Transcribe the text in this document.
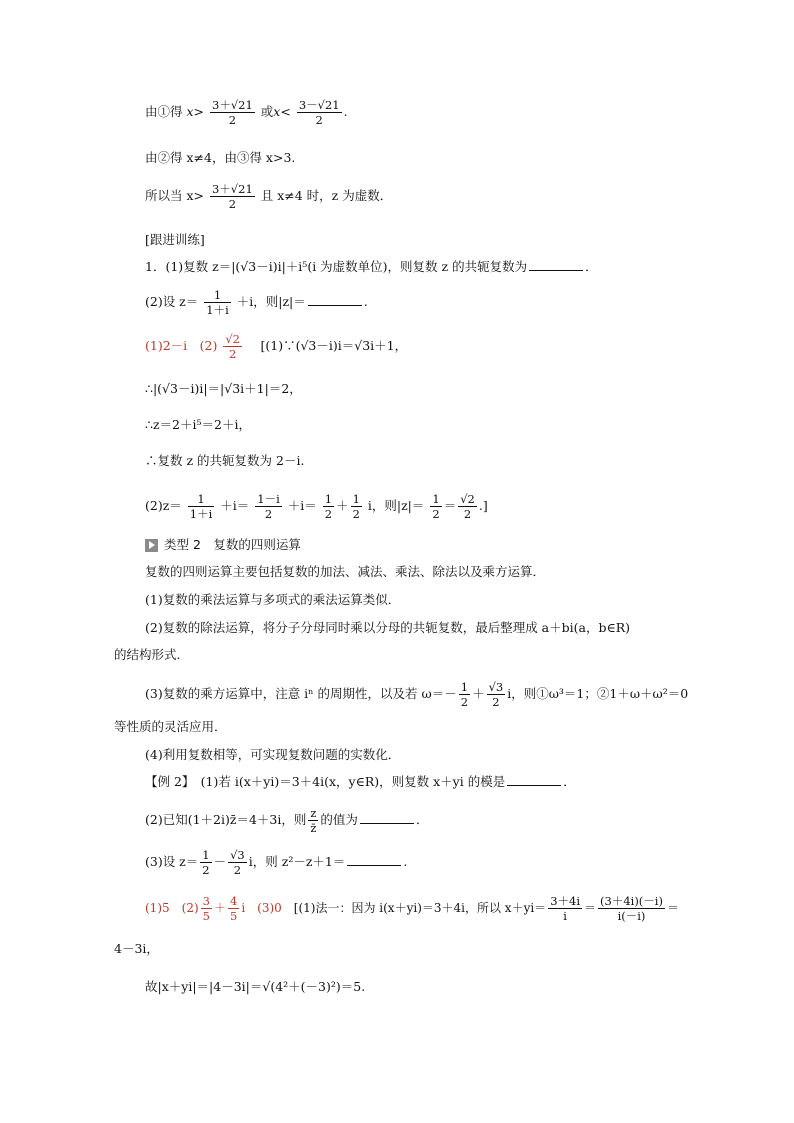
由①得 $x> \frac{3+√21}{2}$ 或$x< \frac{3-√21}{2}$ .
由②得 x≠4，由③得 x>3.
所以当 $x> \frac{3+√21}{2}$ 且 x≠4 时，z 为虚数．
[跟进训练]
1．(1)复数 z＝|(√3－i)i|＋i⁵(i 为虚数单位)，则复数 z 的共轭复数为	．
(2)设 $z= \frac{1}{1+i} +i$，则|z|＝	.
(1)2－i　$(2) \frac{√2}{2}$ 　[(1)∵(√3－i)i＝√3i＋1，
∴|(√3－i)i|＝|√3i＋1|＝2，
∴z＝2＋i⁵＝2＋i，
∴复数 z 的共轭复数为 2－i.
$(2)z= \frac{1}{1+i} +i= \frac{1-i}{2} +i= \frac{1}{2} + \frac{1}{2}$ i，则$|z|= \frac{1}{2} = \frac{√2}{2}$ .]
类型 2　复数的四则运算
复数的四则运算主要包括复数的加法、减法、乘法、除法以及乘方运算．
(1)复数的乘法运算与多项式的乘法运算类似．
(2)复数的除法运算，将分子分母同时乘以分母的共轭复数，最后整理成 a＋bi(a，b∈R)
的结构形式.
(3)复数的乘方运算中，注意 iⁿ 的周期性，以及若 $\omega=- \frac{1}{2} + \frac{√3}{2}$ i，则①ω³＝1；②1＋ω＋ω²＝0
等性质的灵活应用．
(4)利用复数相等，可实现复数问题的实数化．
【例 2】　(1)若 i(x＋yi)＝3＋4i(x，y∈R)，则复数 x＋yi 的模是	．
(2)已知(1＋2i)z̄＝4＋3i，则 $\frac{z}{z̄}$ 的值为	．
(3)设 $z= \frac{1}{2} - \frac{√3}{2}$ i，则 z²－z＋1＝	.
(1)5　$(2) \frac{3}{5} + \frac{4}{5}$ i　(3)0　[(1)法一：因为 i(x＋yi)＝3＋4i，所以 $x+yi= \frac{3+4i}{i} = \frac{(3+4i)(-i)}{i(-i)}$ ＝
4－3i，
故|x＋yi|＝|4－3i|＝√(4²＋(－3)²)＝5.
